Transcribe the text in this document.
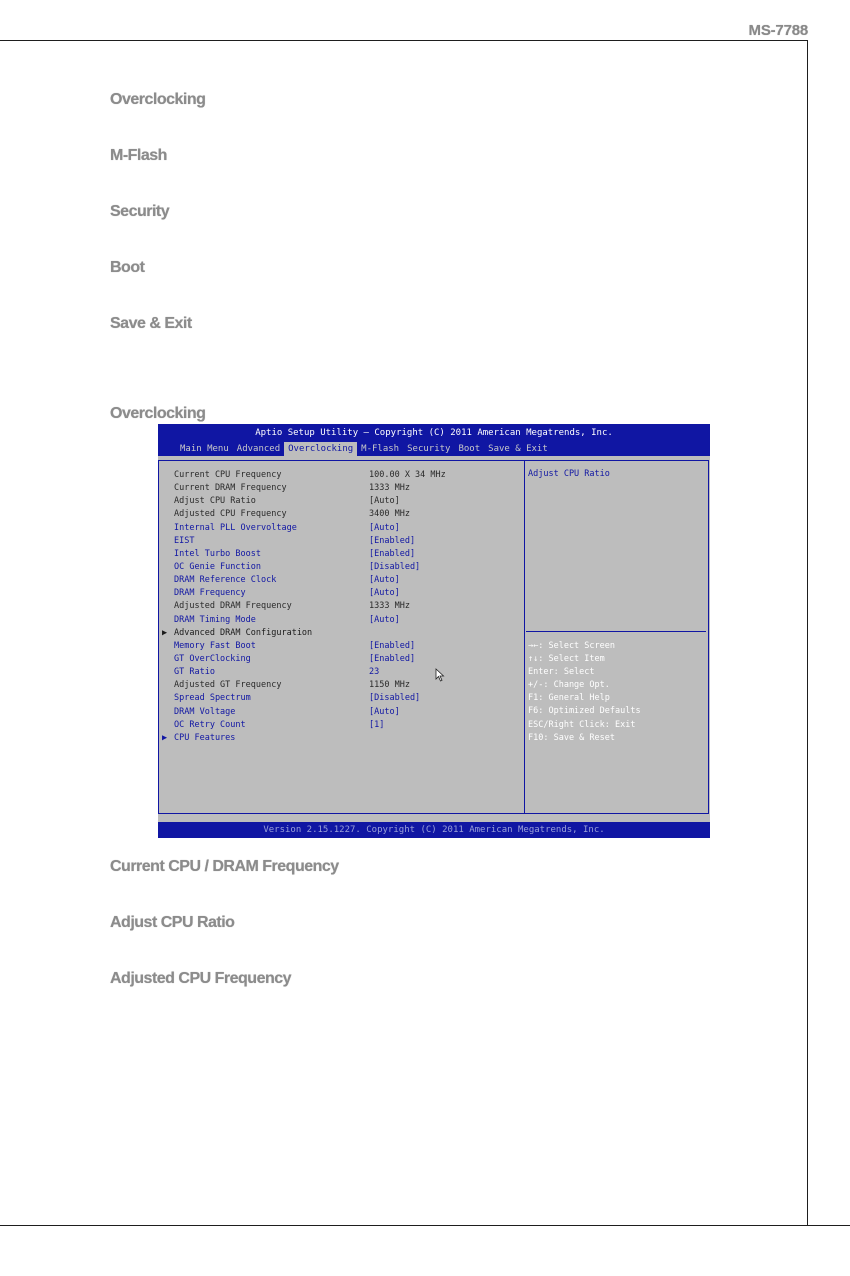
MS-7788
Overclocking
M-Flash
Security
Boot
Save & Exit
Overclocking
Aptio Setup Utility – Copyright (C) 2011 American Megatrends, Inc.
Main Menu Advanced Overclocking M-Flash Security Boot Save & Exit
Current CPU Frequency	100.00 X 34 MHz
Current DRAM Frequency	1333 MHz
Adjust CPU Ratio	[Auto]
Adjusted CPU Frequency	3400 MHz
Internal PLL Overvoltage	[Auto]
EIST	[Enabled]
Intel Turbo Boost	[Enabled]
OC Genie Function	[Disabled]
DRAM Reference Clock	[Auto]
DRAM Frequency	[Auto]
Adjusted DRAM Frequency	1333 MHz
DRAM Timing Mode	[Auto]
▶ Advanced DRAM Configuration
Memory Fast Boot	[Enabled]
GT OverClocking	[Enabled]
GT Ratio	23
Adjusted GT Frequency	1150 MHz
Spread Spectrum	[Disabled]
DRAM Voltage	[Auto]
OC Retry Count	[1]
▶ CPU Features
Adjust CPU Ratio
→←: Select Screen
↑↓: Select Item
Enter: Select
+/-: Change Opt.
F1: General Help
F6: Optimized Defaults
ESC/Right Click: Exit
F10: Save & Reset
Version 2.15.1227. Copyright (C) 2011 American Megatrends, Inc.
Current CPU / DRAM Frequency
Adjust CPU Ratio
Adjusted CPU Frequency
